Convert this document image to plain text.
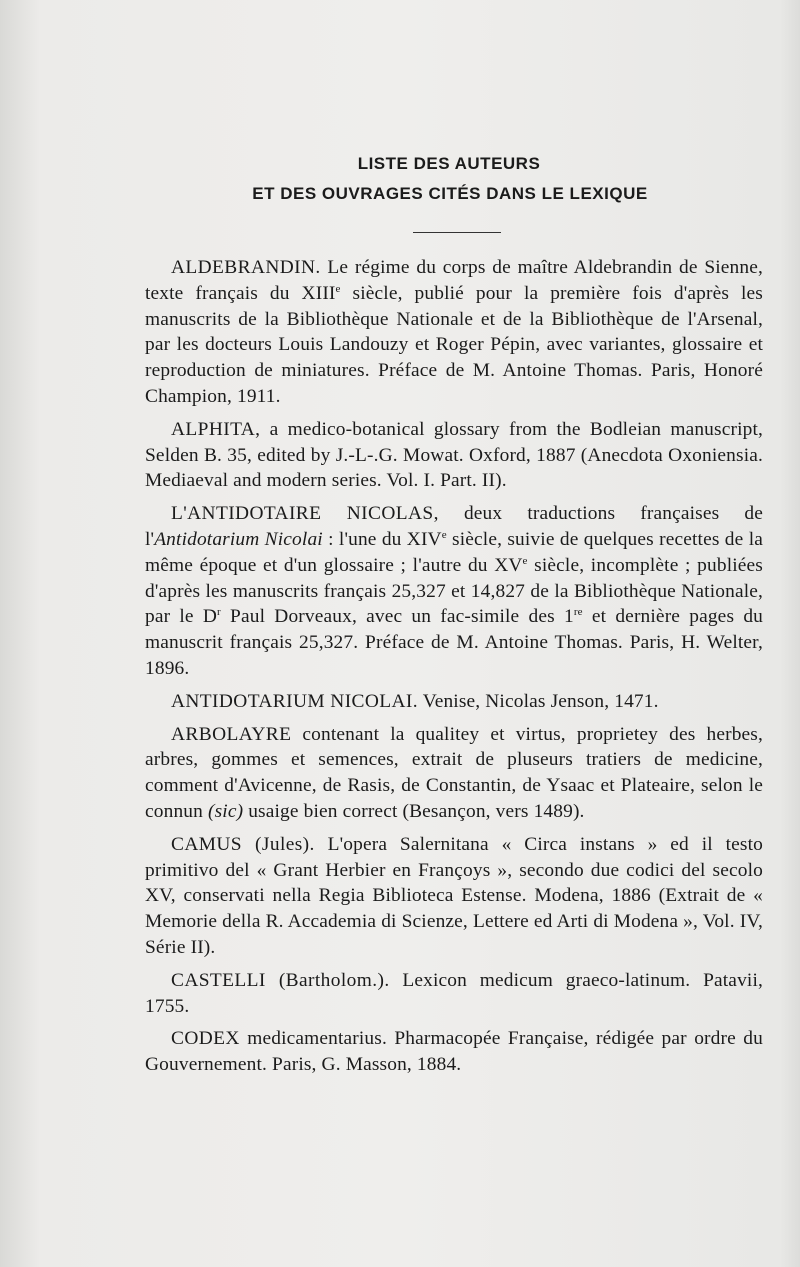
LISTE DES AUTEURS
ET DES OUVRAGES CITÉS DANS LE LEXIQUE

ALDEBRANDIN. Le régime du corps de maître Aldebrandin de Sienne, texte français du XIIIe siècle, publié pour la première fois d'après les manuscrits de la Bibliothèque Nationale et de la Bibliothèque de l'Arsenal, par les docteurs Louis Landouzy et Roger Pépin, avec variantes, glossaire et reproduction de miniatures. Préface de M. Antoine Thomas. Paris, Honoré Champion, 1911.

ALPHITA, a medico-botanical glossary from the Bodleian manuscript, Selden B. 35, edited by J.-L-.G. Mowat. Oxford, 1887 (Anecdota Oxoniensia. Mediaeval and modern series. Vol. I. Part. II).

L'ANTIDOTAIRE NICOLAS, deux traductions françaises de l'Antidotarium Nicolai : l'une du XIVe siècle, suivie de quelques recettes de la même époque et d'un glossaire ; l'autre du XVe siècle, incomplète ; publiées d'après les manuscrits français 25,327 et 14,827 de la Bibliothèque Nationale, par le $D^r$ Paul Dorveaux, avec un fac-simile des 1re et dernière pages du manuscrit français 25,327. Préface de M. Antoine Thomas. Paris, H. Welter, 1896.

ANTIDOTARIUM NICOLAI. Venise, Nicolas Jenson, 1471.

ARBOLAYRE contenant la qualitey et virtus, proprietey des herbes, arbres, gommes et semences, extrait de pluseurs tratiers de medicine, comment d'Avicenne, de Rasis, de Constantin, de Ysaac et Plateaire, selon le connun (sic) usaige bien correct (Besançon, vers 1489).

CAMUS (Jules). L'opera Salernitana « Circa instans » ed il testo primitivo del « Grant Herbier en Françoys », secondo due codici del secolo XV, conservati nella Regia Biblioteca Estense. Modena, 1886 (Extrait de « Memorie della R. Accademia di Scienze, Lettere ed Arti di Modena », Vol. IV, Série II).

CASTELLI (Bartholom.). Lexicon medicum graeco-latinum. Patavii, 1755.

CODEX medicamentarius. Pharmacopée Française, rédigée par ordre du Gouvernement. Paris, G. Masson, 1884.
